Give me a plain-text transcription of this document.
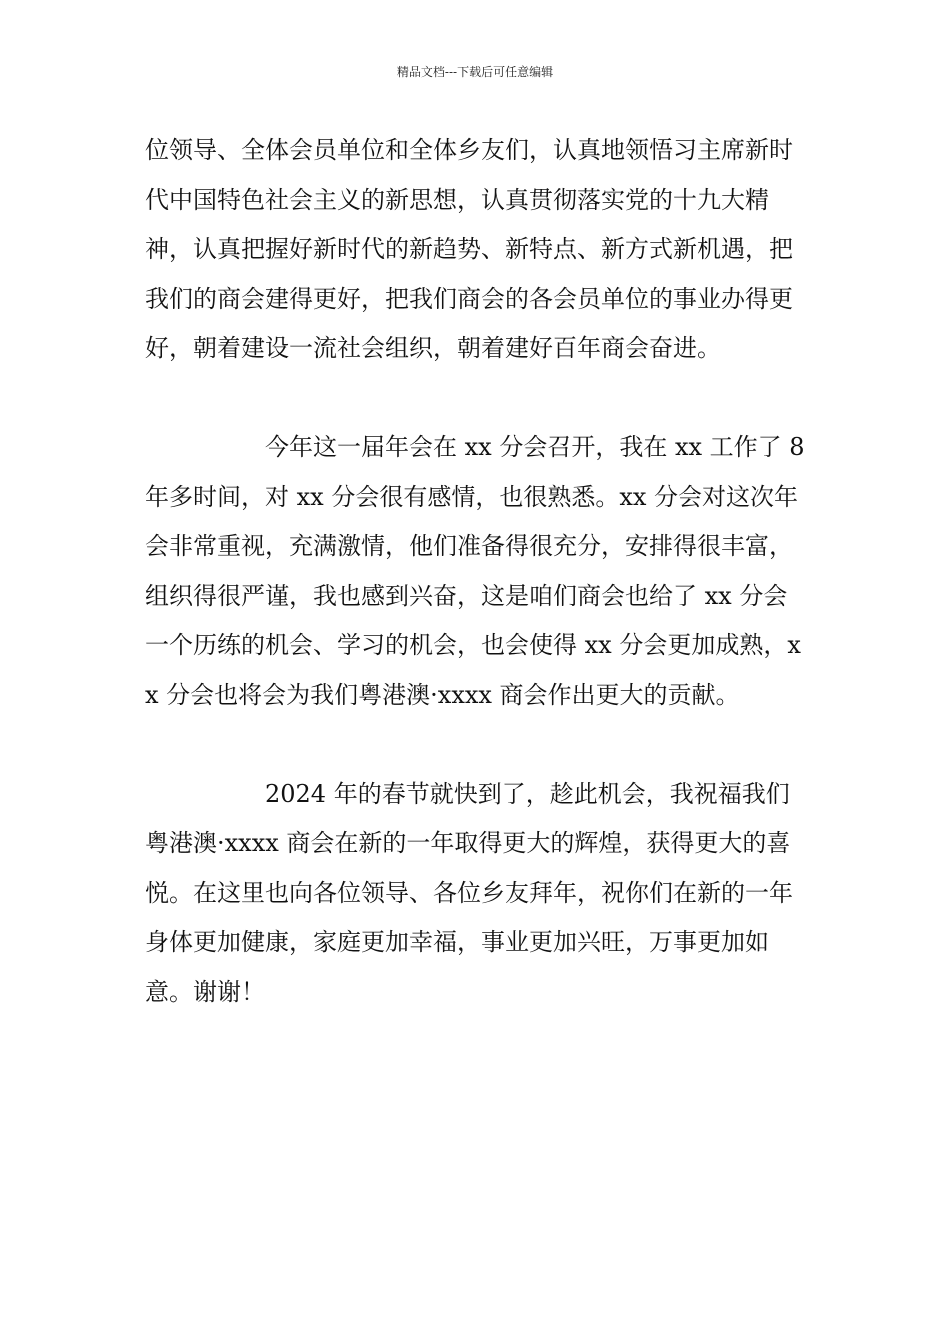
精品文档---下载后可任意编辑

位领导、全体会员单位和全体乡友们，认真地领悟习主席新时代中国特色社会主义的新思想，认真贯彻落实党的十九大精神，认真把握好新时代的新趋势、新特点、新方式新机遇，把我们的商会建得更好，把我们商会的各会员单位的事业办得更好，朝着建设一流社会组织，朝着建好百年商会奋进。

今年这一届年会在 xx 分会召开，我在 xx 工作了 8 年多时间，对 xx 分会很有感情，也很熟悉。xx 分会对这次年会非常重视，充满激情，他们准备得很充分，安排得很丰富，组织得很严谨，我也感到兴奋，这是咱们商会也给了 xx 分会一个历练的机会、学习的机会，也会使得 xx 分会更加成熟，xx 分会也将会为我们粤港澳·xxxx 商会作出更大的贡献。

2024 年的春节就快到了，趁此机会，我祝福我们粤港澳·xxxx 商会在新的一年取得更大的辉煌，获得更大的喜悦。在这里也向各位领导、各位乡友拜年，祝你们在新的一年身体更加健康，家庭更加幸福，事业更加兴旺，万事更加如意。谢谢！
